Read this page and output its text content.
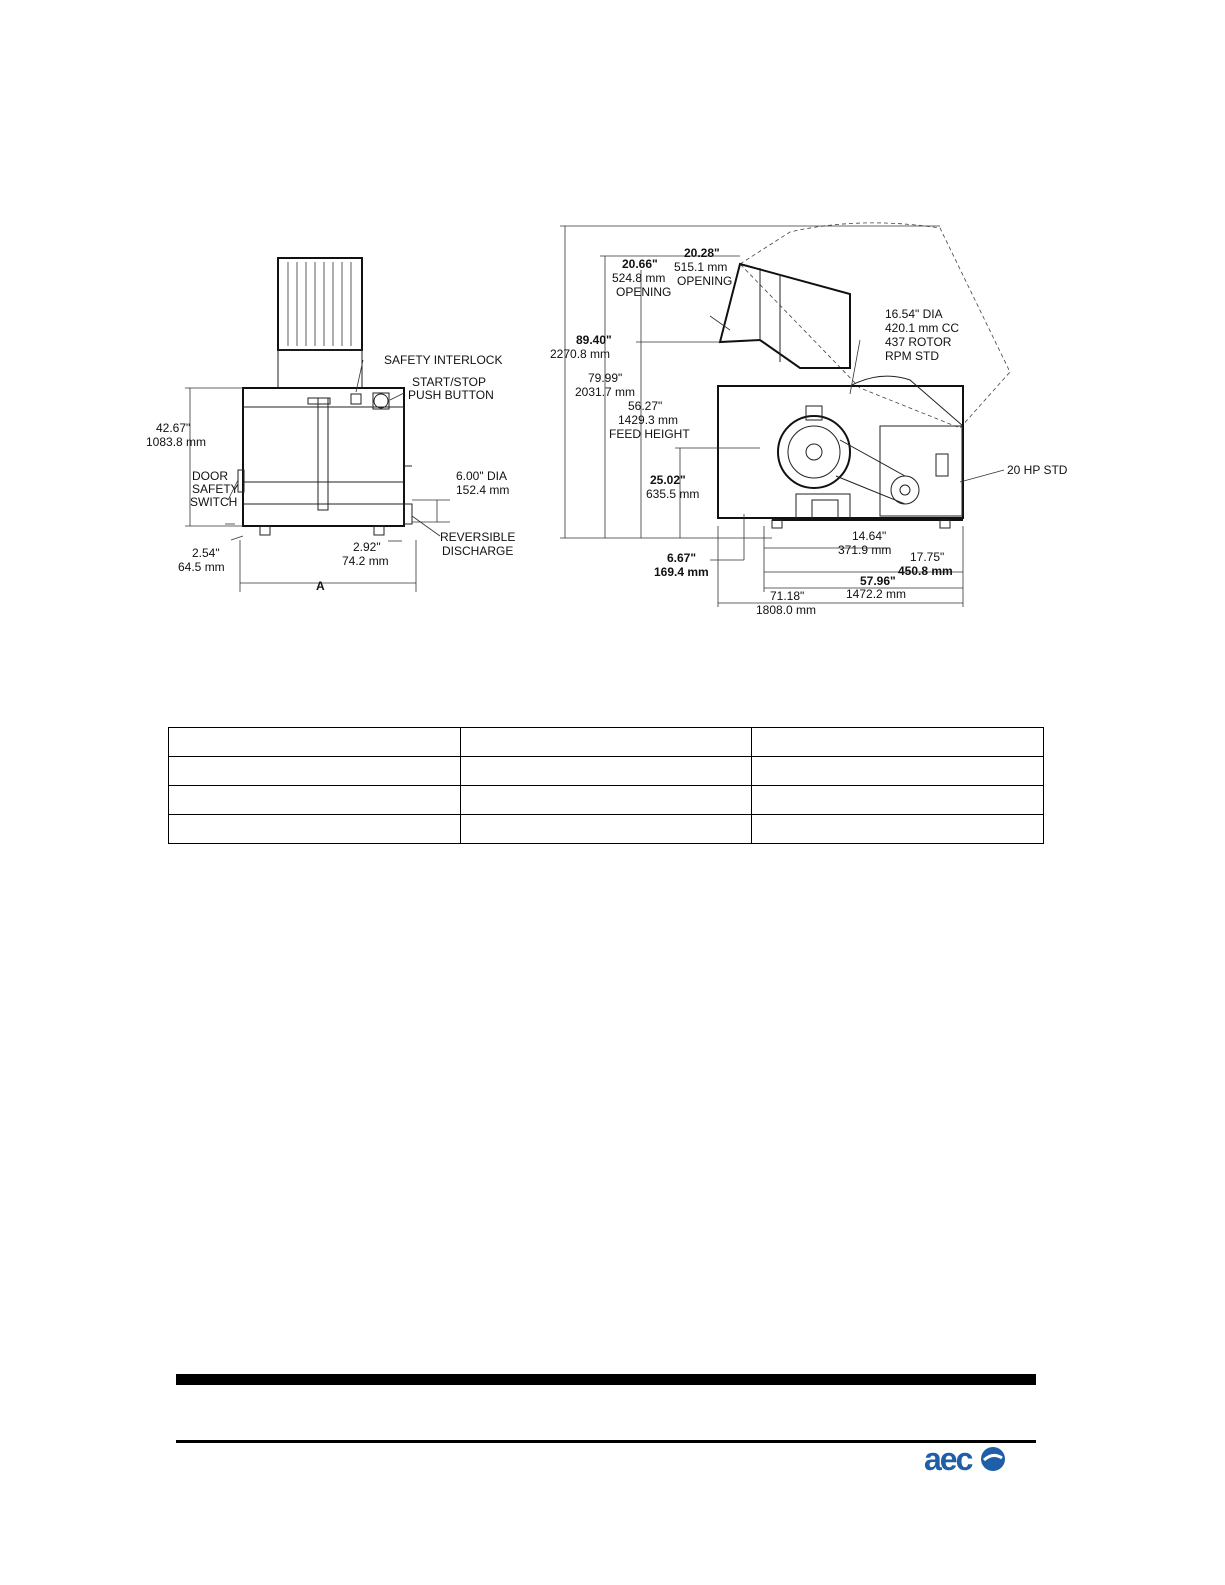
42.67"
1083.8 mm
SAFETY INTERLOCK
START/STOP
PUSH BUTTON
DOOR
SAFETY
SWITCH
6.00" DIA
152.4 mm
REVERSIBLE
DISCHARGE
2.54"
64.5 mm
2.92"
74.2 mm
A
89.40"
2270.8 mm
20.66"
524.8 mm
OPENING
20.28"
515.1 mm
OPENING
79.99"
2031.7 mm
56.27"
1429.3 mm
FEED HEIGHT
16.54" DIA
420.1 mm CC
437 ROTOR
RPM STD
25.02"
635.5 mm
20 HP STD
6.67"
169.4 mm
14.64"
371.9 mm 17.75"
450.8 mm
57.96"
1472.2 mm
71.18"
1808.0 mm

aec
